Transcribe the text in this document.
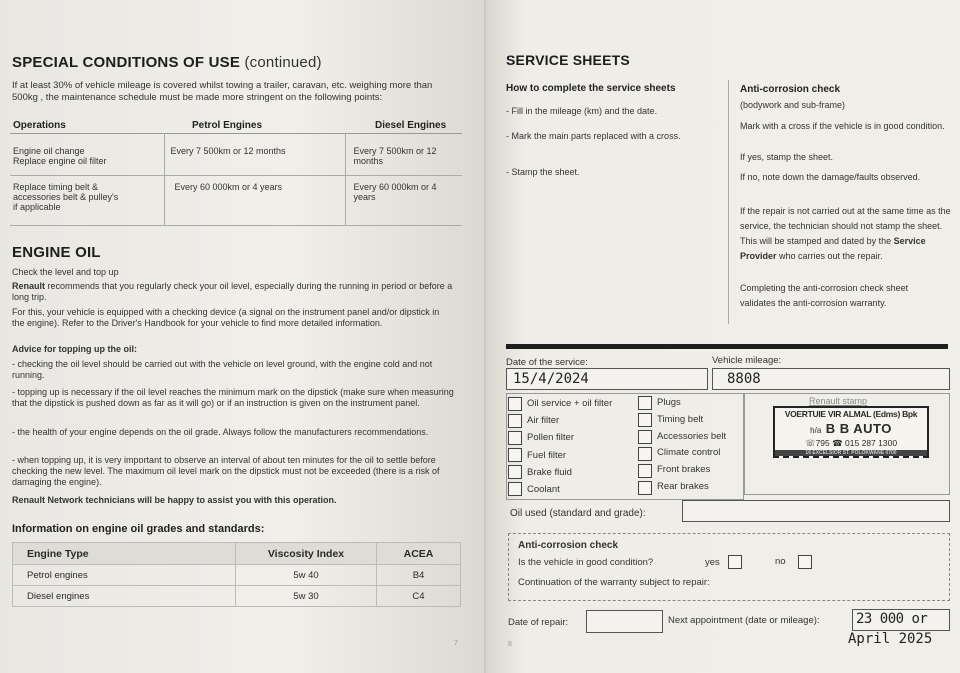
SPECIAL CONDITIONS OF USE (continued)
If at least 30% of vehicle mileage is covered whilst towing a trailer, caravan, etc. weighing more than 500kg , the maintenance schedule must be made more stringent on the following points:
Operations	Petrol Engines	Diesel Engines
Engine oil change
Replace engine oil filter	Every 7 500km or 12 months	Every 7 500km or 12 months
Replace timing belt &
accessories belt & pulley's
if applicable	Every 60 000km or 4 years	Every 60 000km or 4 years
ENGINE OIL
Check the level and top up
Renault recommends that you regularly check your oil level, especially during the running in period or before a long trip.
For this, your vehicle is equipped with a checking device (a signal on the instrument panel and/or dipstick in the engine). Refer to the Driver's Handbook for your vehicle to find more detailed information.
Advice for topping up the oil:
- checking the oil level should be carried out with the vehicle on level ground, with the engine cold and not running.
- topping up is necessary if the oil level reaches the minimum mark on the dipstick (make sure when measuring that the dipstick is pushed down as far as it will go) or if an instruction is given on the instrument panel.
- the health of your engine depends on the oil grade. Always follow the manufacturers recommendations.
- when topping up, it is very important to observe an interval of about ten minutes for the oil to settle before checking the new level. The maximum oil level mark on the dipstick must not be exceeded (there is a risk of damaging the engine).
Renault Network technicians will be happy to assist you with this operation.
Information on engine oil grades and standards:
Engine Type	Viscosity Index	ACEA
Petrol engines	5w 40	B4
Diesel engines	5w 30	C4
7
SERVICE SHEETS
How to complete the service sheets
- Fill in the mileage (km) and the date.
- Mark the main parts replaced with a cross.
- Stamp the sheet.
Anti-corrosion check
(bodywork and sub-frame)
Mark with a cross if the vehicle is in good condition.
If yes, stamp the sheet.
If no, note down the damage/faults observed.
If the repair is not carried out at the same time as the service, the technician should not stamp the sheet. This will be stamped and dated by the Service Provider who carries out the repair.
Completing the anti-corrosion check sheet validates the anti-corrosion warranty.
Date of the service:
15/4/2024
Vehicle mileage:
8808
Oil service + oil filter
Air filter
Pollen filter
Fuel filter
Brake fluid
Coolant
Plugs
Timing belt
Accessories belt
Climate control
Front brakes
Rear brakes
Renault stamp
VOERTUIE VIR ALMAL (Edms) Bpk
h/a B B AUTO
☏795 ☎ 015 287 1300
16 EXCELSIOR ST. POLOKWANE 0700
Oil used (standard and grade):
Anti-corrosion check
Is the vehicle in good condition?	yes	no
Continuation of the warranty subject to repair:
Date of repair:	Next appointment (date or mileage):	23 000 or
April 2025
8
